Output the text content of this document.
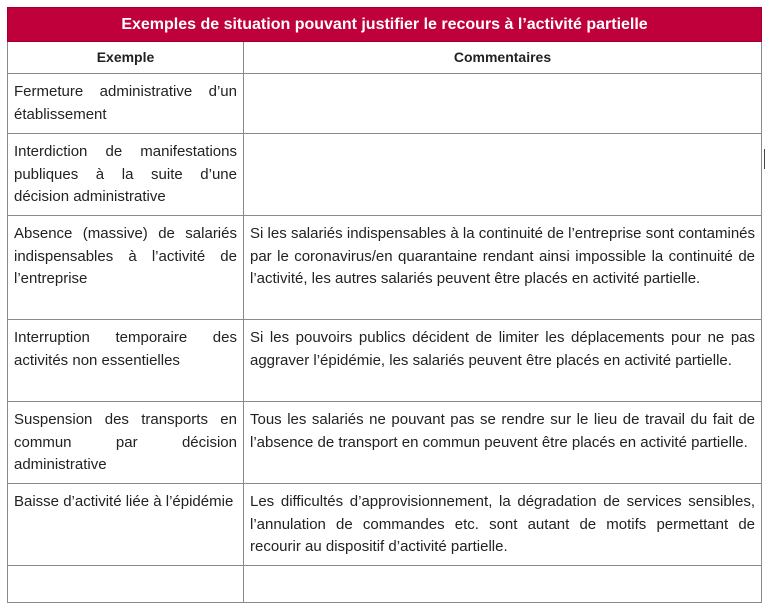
Exemples de situation pouvant justifier le recours à l’activité partielle	
Exemple	Commentaires
Fermeture administrative d’un établissement	
Interdiction de manifestations publiques à la suite d’une décision administrative	
Absence (massive) de salariés indispensables à l’activité de l’entreprise	Si les salariés indispensables à la continuité de l’entreprise sont contaminés par le coronavirus/en quarantaine rendant ainsi impossible la continuité de l’activité, les autres salariés peuvent être placés en activité partielle.
Interruption temporaire des activités non essentielles	Si les pouvoirs publics décident de limiter les déplacements pour ne pas aggraver l’épidémie, les salariés peuvent être placés en activité partielle.
Suspension des transports en commun par décision administrative	Tous les salariés ne pouvant pas se rendre sur le lieu de travail du fait de l’absence de transport en commun peuvent être placés en activité partielle.
Baisse d’activité liée à l’épidémie	Les difficultés d’approvisionnement, la dégradation de services sensibles, l’annulation de commandes etc. sont autant de motifs permettant de recourir au dispositif d’activité partielle.
